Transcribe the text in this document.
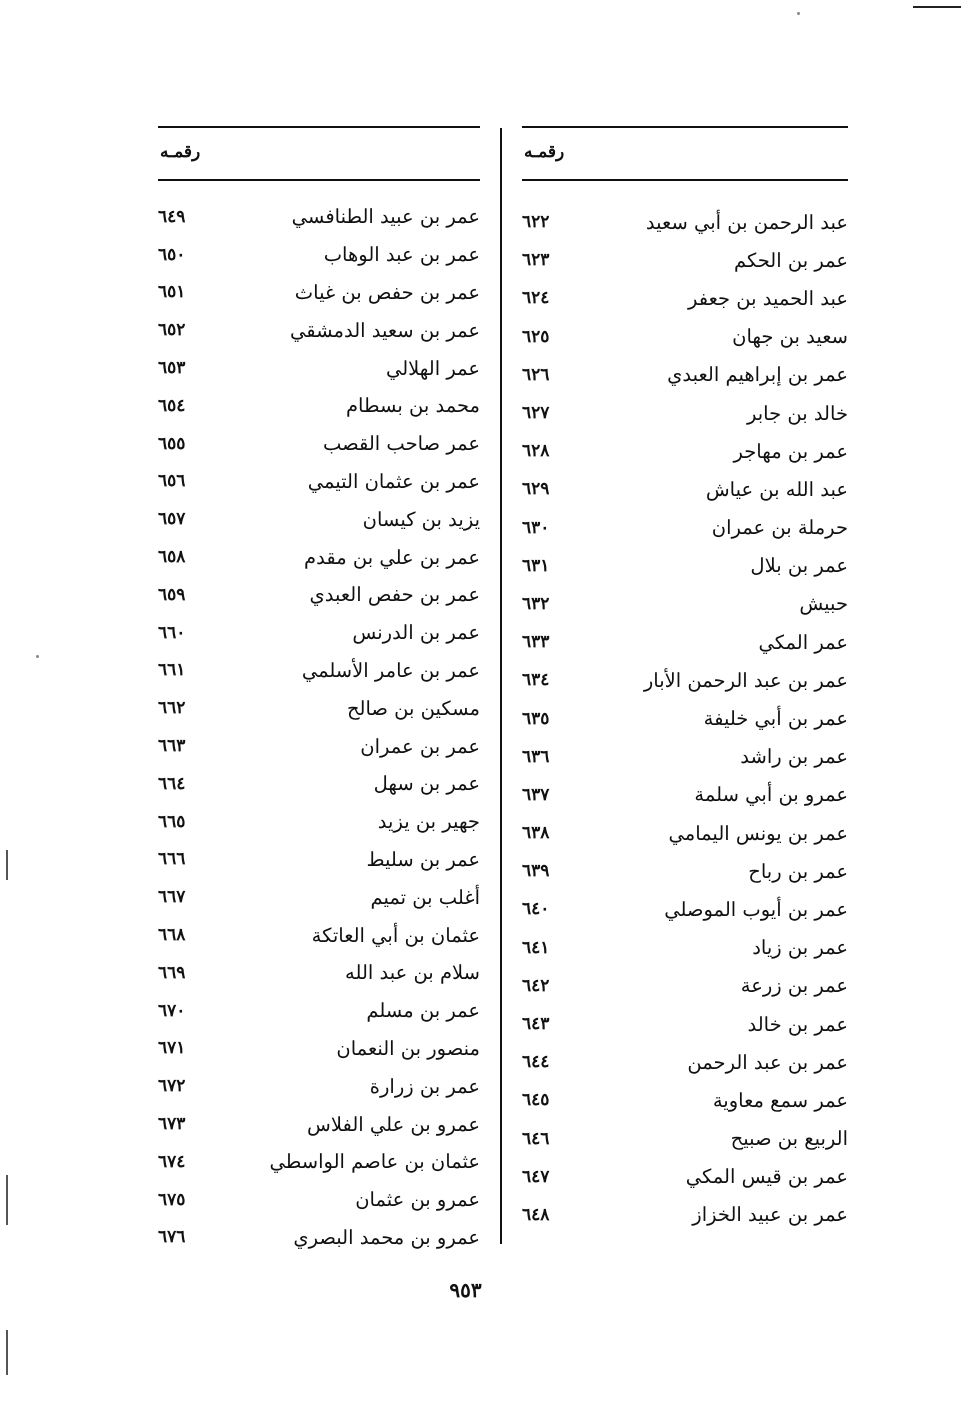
رقمـه
عبد الرحمن بن أبي سعيد
٦٢٢
عمر بن الحكم
٦٢٣
عبد الحميد بن جعفر
٦٢٤
سعيد بن جهان
٦٢٥
عمر بن إبراهيم العبدي
٦٢٦
خالد بن جابر
٦٢٧
عمر بن مهاجر
٦٢٨
عبد الله بن عياش
٦٢٩
حرملة بن عمران
٦٣٠
عمر بن بلال
٦٣١
حبيش
٦٣٢
عمر المكي
٦٣٣
عمر بن عبد الرحمن الأبار
٦٣٤
عمر بن أبي خليفة
٦٣٥
عمر بن راشد
٦٣٦
عمرو بن أبي سلمة
٦٣٧
عمر بن يونس اليمامي
٦٣٨
عمر بن رباح
٦٣٩
عمر بن أيوب الموصلي
٦٤٠
عمر بن زياد
٦٤١
عمر بن زرعة
٦٤٢
عمر بن خالد
٦٤٣
عمر بن عبد الرحمن
٦٤٤
عمر سمع معاوية
٦٤٥
الربيع بن صبيح
٦٤٦
عمر بن قيس المكي
٦٤٧
عمر بن عبيد الخزاز
٦٤٨
رقمـه
عمر بن عبيد الطنافسي
٦٤٩
عمر بن عبد الوهاب
٦٥٠
عمر بن حفص بن غياث
٦٥١
عمر بن سعيد الدمشقي
٦٥٢
عمر الهلالي
٦٥٣
محمد بن بسطام
٦٥٤
عمر صاحب القصب
٦٥٥
عمر بن عثمان التيمي
٦٥٦
يزيد بن كيسان
٦٥٧
عمر بن علي بن مقدم
٦٥٨
عمر بن حفص العبدي
٦٥٩
عمر بن الدرنس
٦٦٠
عمر بن عامر الأسلمي
٦٦١
مسكين بن صالح
٦٦٢
عمر بن عمران
٦٦٣
عمر بن سهل
٦٦٤
جهير بن يزيد
٦٦٥
عمر بن سليط
٦٦٦
أغلب بن تميم
٦٦٧
عثمان بن أبي العاتكة
٦٦٨
سلام بن عبد الله
٦٦٩
عمر بن مسلم
٦٧٠
منصور بن النعمان
٦٧١
عمر بن زرارة
٦٧٢
عمرو بن علي الفلاس
٦٧٣
عثمان بن عاصم الواسطي
٦٧٤
عمرو بن عثمان
٦٧٥
عمرو بن محمد البصري
٦٧٦
٩٥٣
